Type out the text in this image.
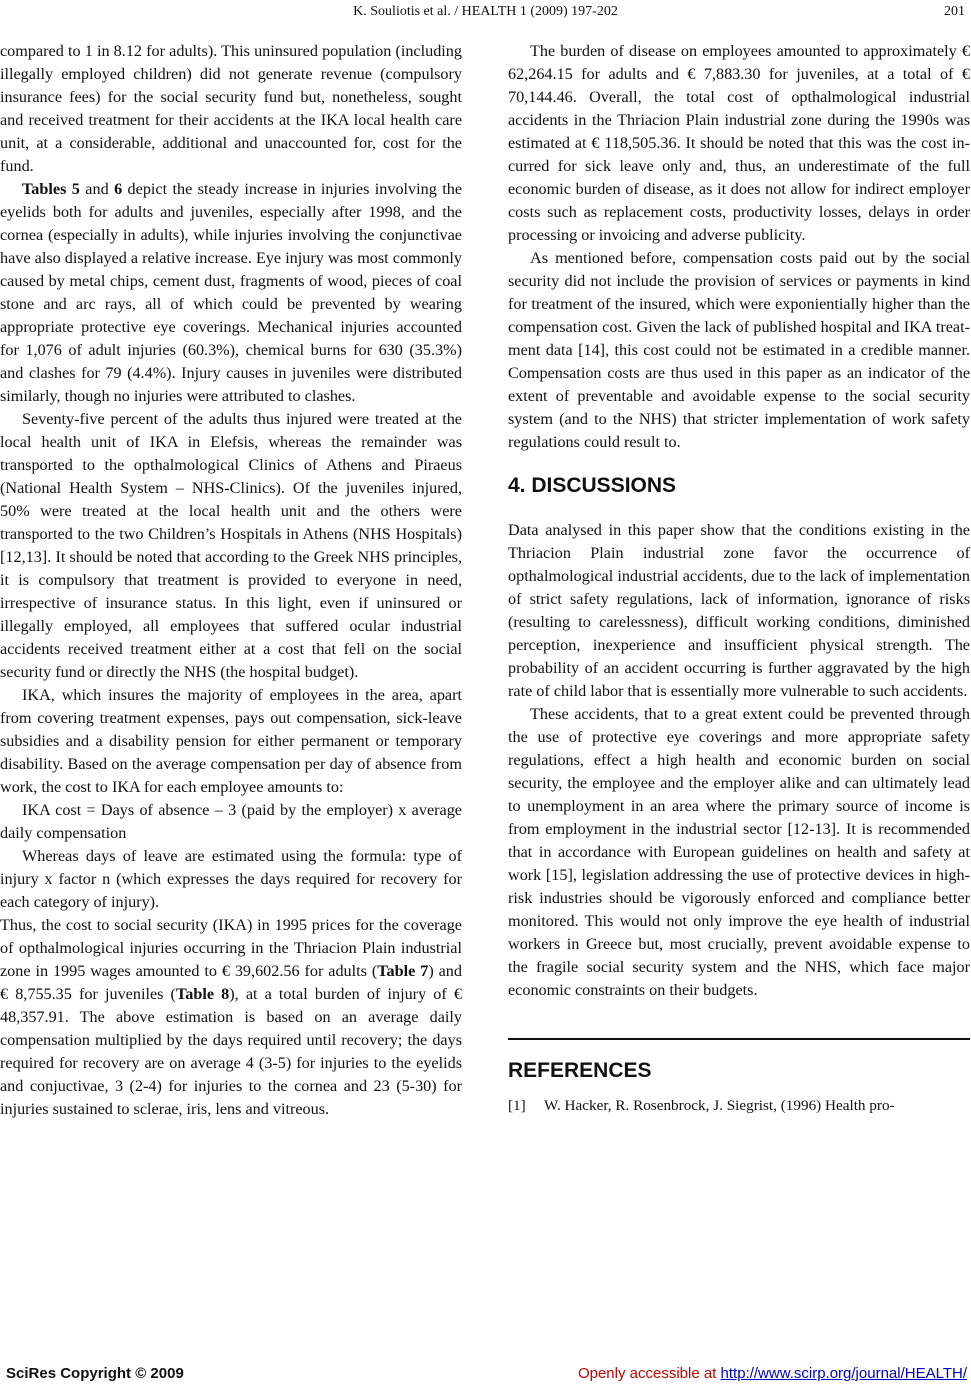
K. Souliotis et al. / HEALTH 1 (2009) 197-202	201

compared to 1 in 8.12 for adults). This uninsured population (including illegally employed children) did not generate revenue (compulsory insurance fees) for the social security fund but, nonetheless, sought and received treatment for their accidents at the IKA local health care unit, at a considerable, additional and unaccounted for, cost for the fund.

Tables 5 and 6 depict the steady increase in injuries involving the eyelids both for adults and juveniles, especially after 1998, and the cornea (especially in adults), while injuries involving the conjunctivae have also displayed a relative increase. Eye injury was most commonly caused by metal chips, cement dust, fragments of wood, pieces of coal stone and arc rays, all of which could be prevented by wearing appropriate protective eye coverings. Mechanical injuries accounted for 1,076 of adult injuries (60.3%), chemical burns for 630 (35.3%) and clashes for 79 (4.4%). Injury causes in juveniles were distributed similarly, though no injuries were attributed to clashes.

Seventy-five percent of the adults thus injured were treated at the local health unit of IKA in Elefsis, whereas the remainder was transported to the opthalmological Clinics of Athens and Piraeus (National Health System – NHS-Clinics). Of the juveniles injured, 50% were treated at the local health unit and the others were transported to the two Children’s Hospitals in Athens (NHS Hospitals) [12,13]. It should be noted that according to the Greek NHS principles, it is compulsory that treatment is provided to everyone in need, irrespective of insurance status. In this light, even if uninsured or illegally employed, all employees that suffered ocular industrial accidents received treatment either at a cost that fell on the social security fund or directly the NHS (the hospital budget).

IKA, which insures the majority of employees in the area, apart from covering treatment expenses, pays out compensation, sick-leave subsidies and a disability pension for either permanent or temporary disability. Based on the average compensation per day of absence from work, the cost to IKA for each employee amounts to:

IKA cost = Days of absence – 3 (paid by the employer) x average daily compensation

Whereas days of leave are estimated using the formula: type of injury x factor n (which expresses the days required for recovery for each category of injury).

Thus, the cost to social security (IKA) in 1995 prices for the coverage of opthalmological injuries occurring in the Thriacion Plain industrial zone in 1995 wages amounted to € 39,602.56 for adults (Table 7) and € 8,755.35 for juveniles (Table 8), at a total burden of injury of € 48,357.91. The above estimation is based on an average daily compensation multiplied by the days required until recovery; the days required for recovery are on average 4 (3-5) for injuries to the eyelids and conjuctivae, 3 (2-4) for injuries to the cornea and 23 (5-30) for injuries sustained to sclerae, iris, lens and vitreous.

The burden of disease on employees amounted to approximately € 62,264.15 for adults and € 7,883.30 for juveniles, at a total of € 70,144.46. Overall, the total cost of opthalmological industrial accidents in the Thriacion Plain industrial zone during the 1990s was estimated at € 118,505.36. It should be noted that this was the cost incurred for sick leave only and, thus, an underestimate of the full economic burden of disease, as it does not allow for indirect employer costs such as replacement costs, productivity losses, delays in order processing or invoicing and adverse publicity.

As mentioned before, compensation costs paid out by the social security did not include the provision of services or payments in kind for treatment of the insured, which were exponientially higher than the compensation cost. Given the lack of published hospital and IKA treatment data [14], this cost could not be estimated in a credible manner. Compensation costs are thus used in this paper as an indicator of the extent of preventable and avoidable expense to the social security system (and to the NHS) that stricter implementation of work safety regulations could result to.

4. DISCUSSIONS

Data analysed in this paper show that the conditions existing in the Thriacion Plain industrial zone favor the occurrence of opthalmological industrial accidents, due to the lack of implementation of strict safety regulations, lack of information, ignorance of risks (resulting to carelessness), difficult working conditions, diminished perception, inexperience and insufficient physical strength. The probability of an accident occurring is further aggravated by the high rate of child labor that is essentially more vulnerable to such accidents.

These accidents, that to a great extent could be prevented through the use of protective eye coverings and more appropriate safety regulations, effect a high health and economic burden on social security, the employee and the employer alike and can ultimately lead to unemployment in an area where the primary source of income is from employment in the industrial sector [12-13]. It is recommended that in accordance with European guidelines on health and safety at work [15], legislation addressing the use of protective devices in high-risk industries should be vigorously enforced and compliance better monitored. This would not only improve the eye health of industrial workers in Greece but, most crucially, prevent avoidable expense to the fragile social security system and the NHS, which face major economic constraints on their budgets.

REFERENCES

[1]	W. Hacker, R. Rosenbrock, J. Siegrist, (1996) Health pro-

SciRes Copyright © 2009	Openly accessible at http://www.scirp.org/journal/HEALTH/
